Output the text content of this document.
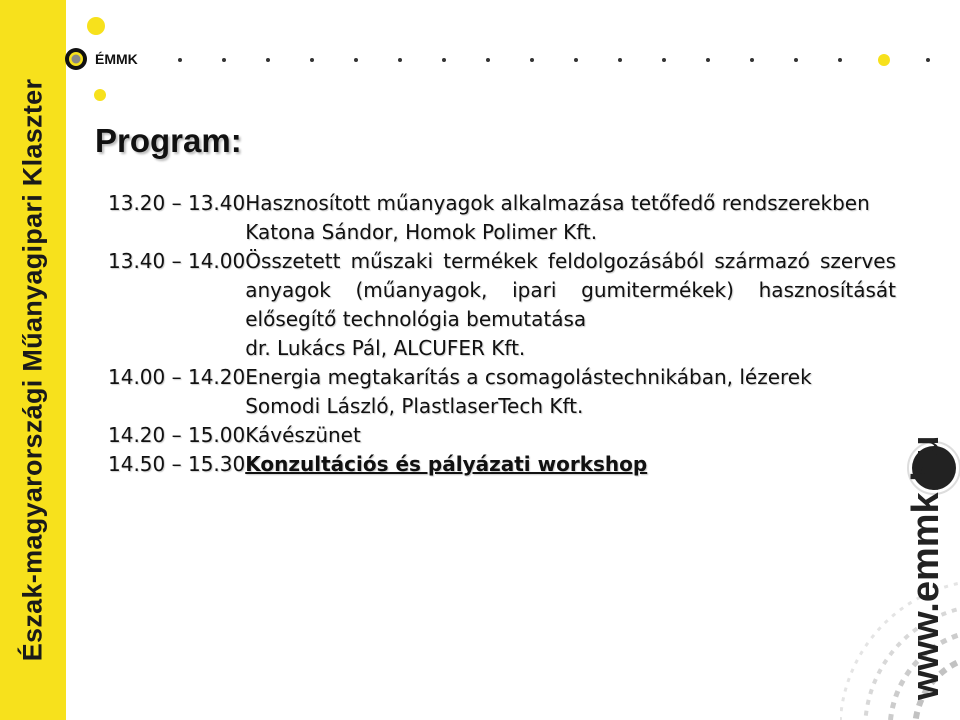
Észak-magyarországi Műanyagipari Klaszter
ÉMMK
Program:
13.20 – 13.40 Hasznosított műanyagok alkalmazása tetőfedő rendszerekben
Katona Sándor, Homok Polimer Kft.
13.40 – 14.00 Összetett műszaki termékek feldolgozásából származó szerves anyagok (műanyagok, ipari gumitermékek) hasznosítását elősegítő technológia bemutatása
dr. Lukács Pál, ALCUFER Kft.
14.00 – 14.20 Energia megtakarítás a csomagolástechnikában, lézerek
Somodi László, PlastlaserTech Kft.
14.20 – 15.00 Kávészünet
14.50 – 15.30 Konzultációs és pályázati workshop	www.emmk.hu
